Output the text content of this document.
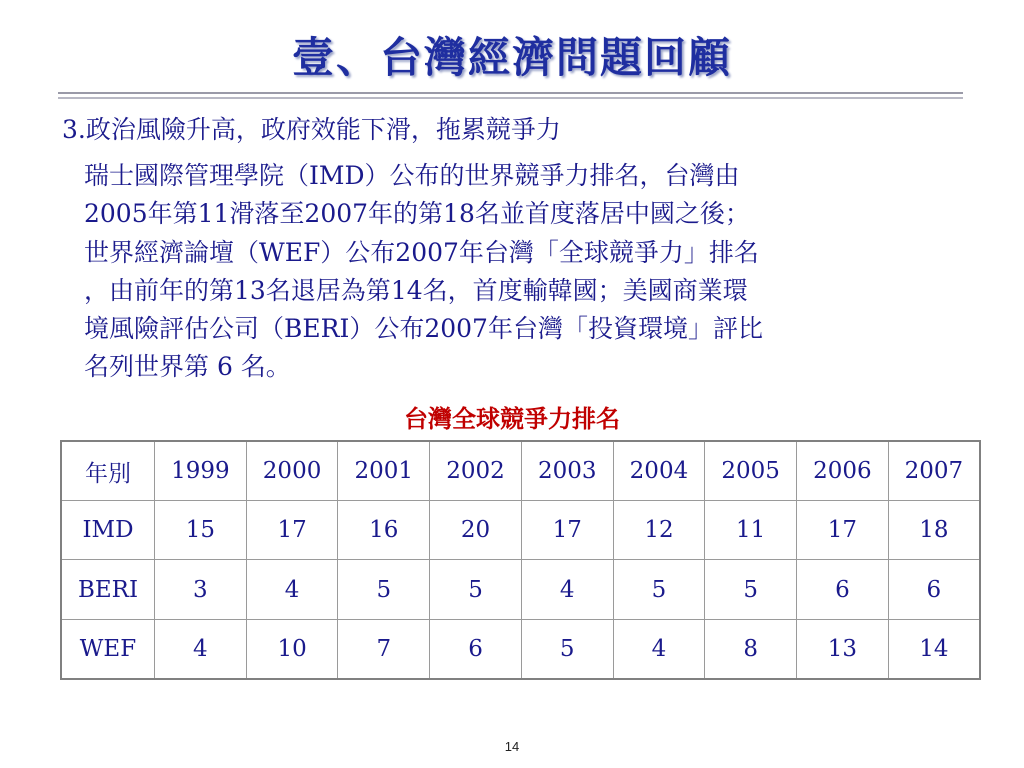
壹、台灣經濟問題回顧
3.政治風險升高，政府效能下滑，拖累競爭力

瑞士國際管理學院（IMD）公布的世界競爭力排名，台灣由
2005年第11滑落至2007年的第18名並首度落居中國之後；
世界經濟論壇（WEF）公布2007年台灣「全球競爭力」排名
，由前年的第13名退居為第14名，首度輸韓國；美國商業環
境風險評估公司（BERI）公布2007年台灣「投資環境」評比
名列世界第 6 名。

台灣全球競爭力排名
年別	1999	2000	2001	2002	2003	2004	2005	2006	2007
IMD	15	17	16	20	17	12	11	17	18
BERI	3	4	5	5	4	5	5	6	6
WEF	4	10	7	6	5	4	8	13	14
14
